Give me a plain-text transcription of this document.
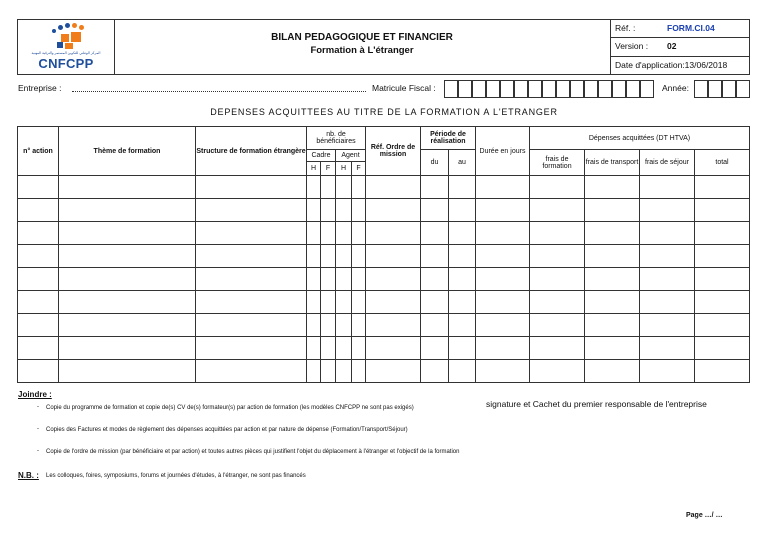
المركز الوطني للتكوين المستمر والترقية المهنية
CNFCPP
BILAN PEDAGOGIQUE ET FINANCIER
Formation à L'étranger
Réf. :	FORM.CI.04
Version : 02
Date d'application:13/06/2018
Entreprise :	Matricule Fiscal :	Année:
DEPENSES ACQUITTEES AU TITRE DE LA FORMATION A L'ETRANGER
n° action	Thème de formation	Structure de formation étrangère	nb. de bénéficiaires				Réf. Ordre de mission	Période de réalisation		Durée en jours	Dépenses acquittées (DT HTVA)			
			Cadre		Agent			du	au		frais de formation	frais de transport	frais de séjour	total
			H	F	H	F								

Joindre :
- Copie du programme de formation et copie de(s) CV de(s) formateur(s) par action de formation (les modèles CNFCPP ne sont pas exigés)
- Copies des Factures et modes de règlement des dépenses acquittées par action et par nature de dépense (Formation/Transport/Séjour)
- Copie de l'ordre de mission (par bénéficiaire et par action) et toutes autres pièces qui justifient l'objet du déplacement à l'étranger et l'objectif de la formation
N.B. : Les colloques, foires, symposiums, forums et journées d'études, à l'étranger, ne sont pas financés
signature et Cachet du premier responsable de l'entreprise
Page …/ …
